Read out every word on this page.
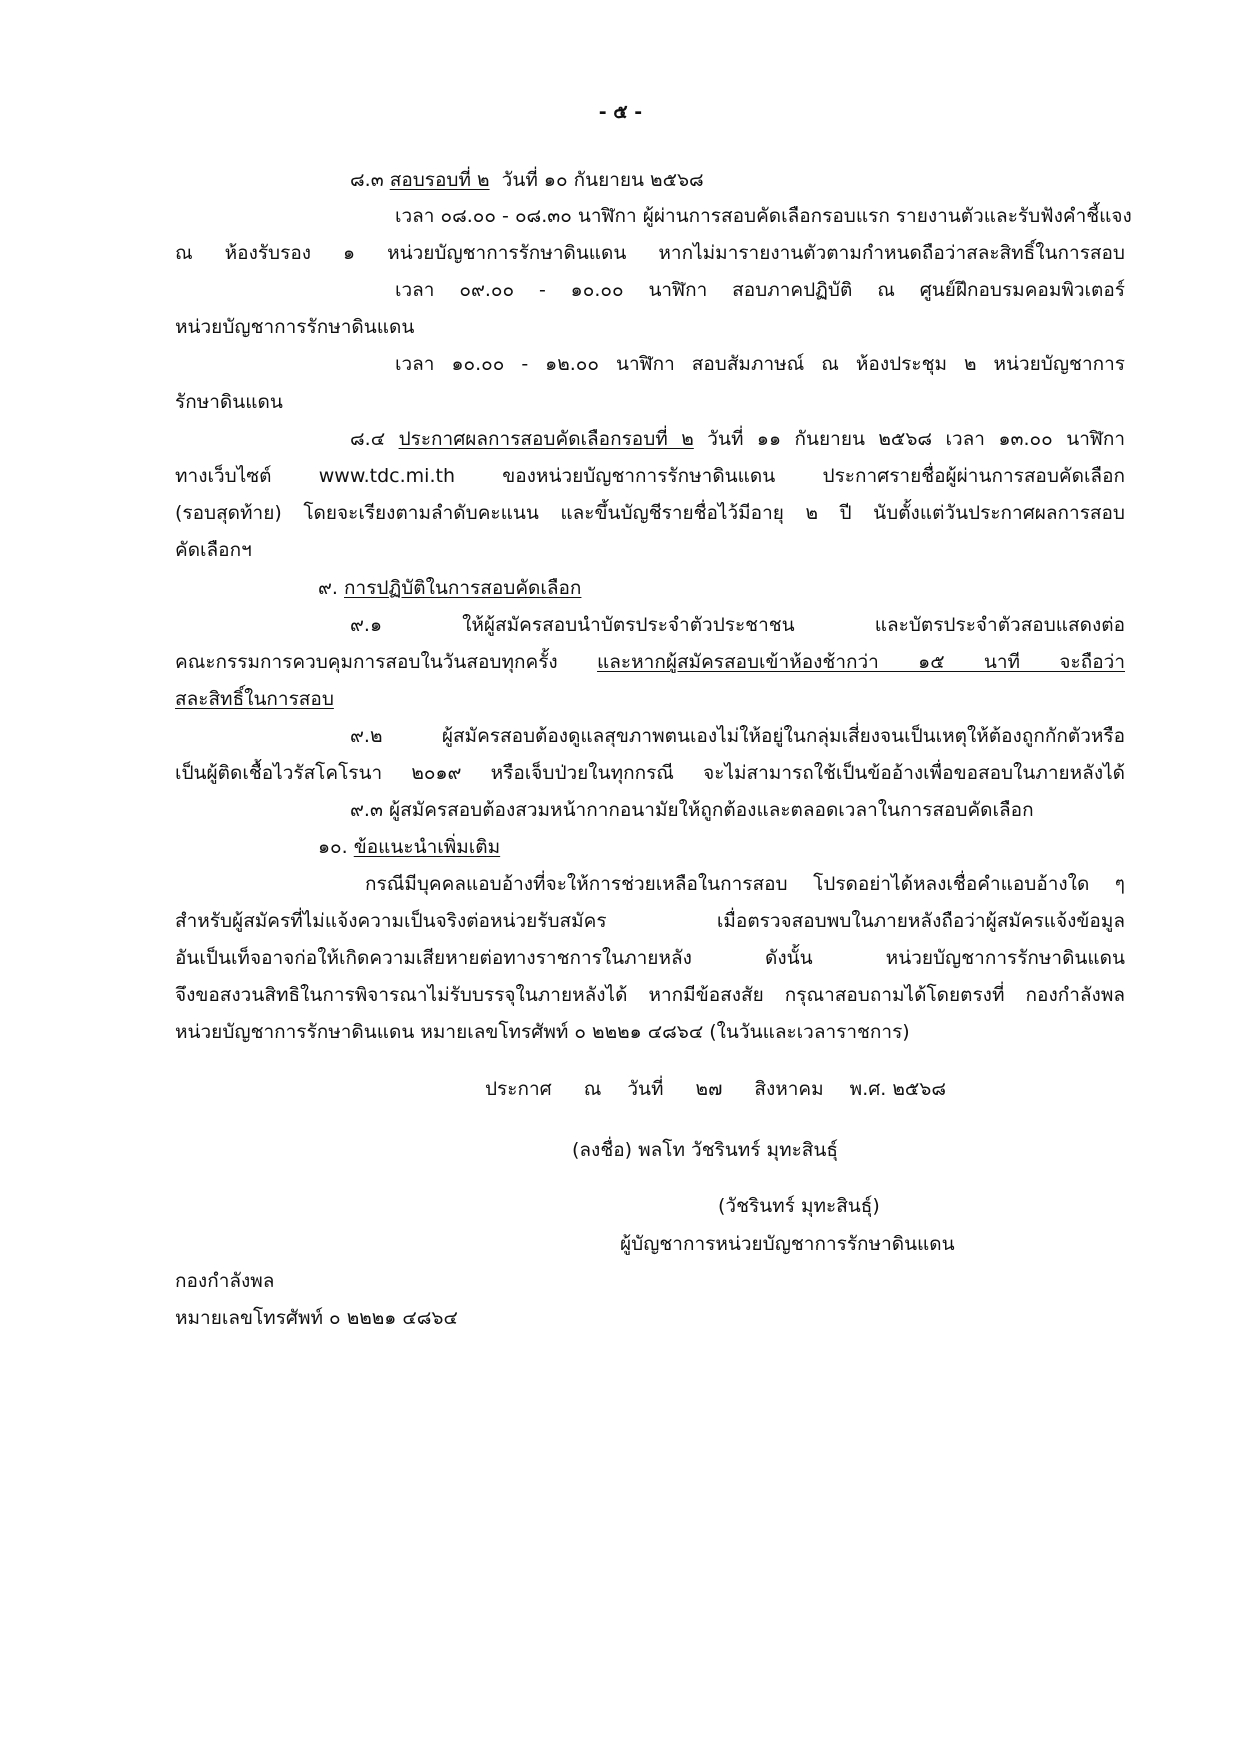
- ๕ -
๘.๓ สอบรอบที่ ๒ วันที่ ๑๐ กันยายน ๒๕๖๘
เวลา ๐๘.๐๐ - ๐๘.๓๐ นาฬิกา ผู้ผ่านการสอบคัดเลือกรอบแรก รายงานตัวและรับฟังคำชี้แจง
ณ ห้องรับรอง ๑ หน่วยบัญชาการรักษาดินแดน หากไม่มารายงานตัวตามกำหนดถือว่าสละสิทธิ์ในการสอบ
เวลา ๐๙.๐๐ - ๑๐.๐๐ นาฬิกา สอบภาคปฏิบัติ ณ ศูนย์ฝึกอบรมคอมพิวเตอร์
หน่วยบัญชาการรักษาดินแดน
เวลา ๑๐.๐๐ - ๑๒.๐๐ นาฬิกา สอบสัมภาษณ์ ณ ห้องประชุม ๒ หน่วยบัญชาการ
รักษาดินแดน
๘.๔ ประกาศผลการสอบคัดเลือกรอบที่ ๒ วันที่ ๑๑ กันยายน ๒๕๖๘ เวลา ๑๓.๐๐ นาฬิกา
ทางเว็บไซต์ www.tdc.mi.th ของหน่วยบัญชาการรักษาดินแดน ประกาศรายชื่อผู้ผ่านการสอบคัดเลือก
(รอบสุดท้าย) โดยจะเรียงตามลำดับคะแนน และขึ้นบัญชีรายชื่อไว้มีอายุ ๒ ปี นับตั้งแต่วันประกาศผลการสอบ
คัดเลือกฯ
๙. การปฏิบัติในการสอบคัดเลือก
๙.๑ ให้ผู้สมัครสอบนำบัตรประจำตัวประชาชน และบัตรประจำตัวสอบแสดงต่อ
คณะกรรมการควบคุมการสอบในวันสอบทุกครั้ง และหากผู้สมัครสอบเข้าห้องช้ากว่า ๑๕ นาที จะถือว่า
สละสิทธิ์ในการสอบ
๙.๒ ผู้สมัครสอบต้องดูแลสุขภาพตนเองไม่ให้อยู่ในกลุ่มเสี่ยงจนเป็นเหตุให้ต้องถูกกักตัวหรือ
เป็นผู้ติดเชื้อไวรัสโคโรนา ๒๐๑๙ หรือเจ็บป่วยในทุกกรณี จะไม่สามารถใช้เป็นข้ออ้างเพื่อขอสอบในภายหลังได้
๙.๓ ผู้สมัครสอบต้องสวมหน้ากากอนามัยให้ถูกต้องและตลอดเวลาในการสอบคัดเลือก
๑๐. ข้อแนะนำเพิ่มเติม
กรณีมีบุคคลแอบอ้างที่จะให้การช่วยเหลือในการสอบ โปรดอย่าได้หลงเชื่อคำแอบอ้างใด ๆ
สำหรับผู้สมัครที่ไม่แจ้งความเป็นจริงต่อหน่วยรับสมัคร เมื่อตรวจสอบพบในภายหลังถือว่าผู้สมัครแจ้งข้อมูล
อันเป็นเท็จอาจก่อให้เกิดความเสียหายต่อทางราชการในภายหลัง ดังนั้น หน่วยบัญชาการรักษาดินแดน
จึงขอสงวนสิทธิในการพิจารณาไม่รับบรรจุในภายหลังได้ หากมีข้อสงสัย กรุณาสอบถามได้โดยตรงที่ กองกำลังพล
หน่วยบัญชาการรักษาดินแดน หมายเลขโทรศัพท์ ๐ ๒๒๒๑ ๔๘๖๔ (ในวันและเวลาราชการ)
ประกาศ ณ วันที่ ๒๗ สิงหาคม พ.ศ. ๒๕๖๘
(ลงชื่อ) พลโท วัชรินทร์ มุทะสินธุ์
(วัชรินทร์ มุทะสินธุ์)
ผู้บัญชาการหน่วยบัญชาการรักษาดินแดน
กองกำลังพล
หมายเลขโทรศัพท์ ๐ ๒๒๒๑ ๔๘๖๔
